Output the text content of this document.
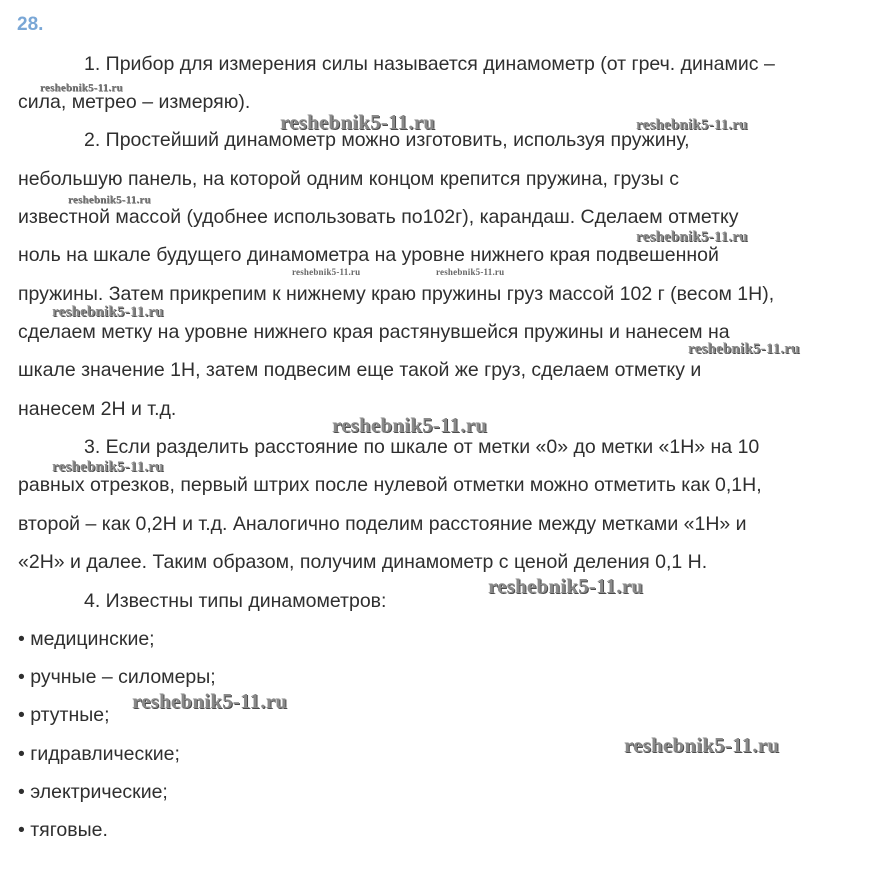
28.
1. Прибор для измерения силы называется динамометр (от греч. динамис –
сила, метрео – измеряю).
2. Простейший динамометр можно изготовить, используя пружину,
небольшую панель, на которой одним концом крепится пружина, грузы с
известной массой (удобнее использовать по102г), карандаш. Сделаем отметку
ноль на шкале будущего динамометра на уровне нижнего края подвешенной
пружины. Затем прикрепим к нижнему краю пружины груз массой 102 г (весом 1Н),
сделаем метку на уровне нижнего края растянувшейся пружины и нанесем на
шкале значение 1Н, затем подвесим еще такой же груз, сделаем отметку и
нанесем 2Н и т.д.
3. Если разделить расстояние по шкале от метки «0» до метки «1Н» на 10
равных отрезков, первый штрих после нулевой отметки можно отметить как 0,1Н,
второй – как 0,2Н и т.д. Аналогично поделим расстояние между метками «1Н» и
«2Н» и далее. Таким образом, получим динамометр с ценой деления 0,1 Н.
4. Известны типы динамометров:
• медицинские;
• ручные – силомеры;
• ртутные;
• гидравлические;
• электрические;
• тяговые.
reshebnik5-11.ru
reshebnik5-11.ru	reshebnik5-11.ru
reshebnik5-11.ru
reshebnik5-11.ru
reshebnik5-11.ru	reshebnik5-11.ru
reshebnik5-11.ru
reshebnik5-11.ru
reshebnik5-11.ru
reshebnik5-11.ru
reshebnik5-11.ru
reshebnik5-11.ru
reshebnik5-11.ru
